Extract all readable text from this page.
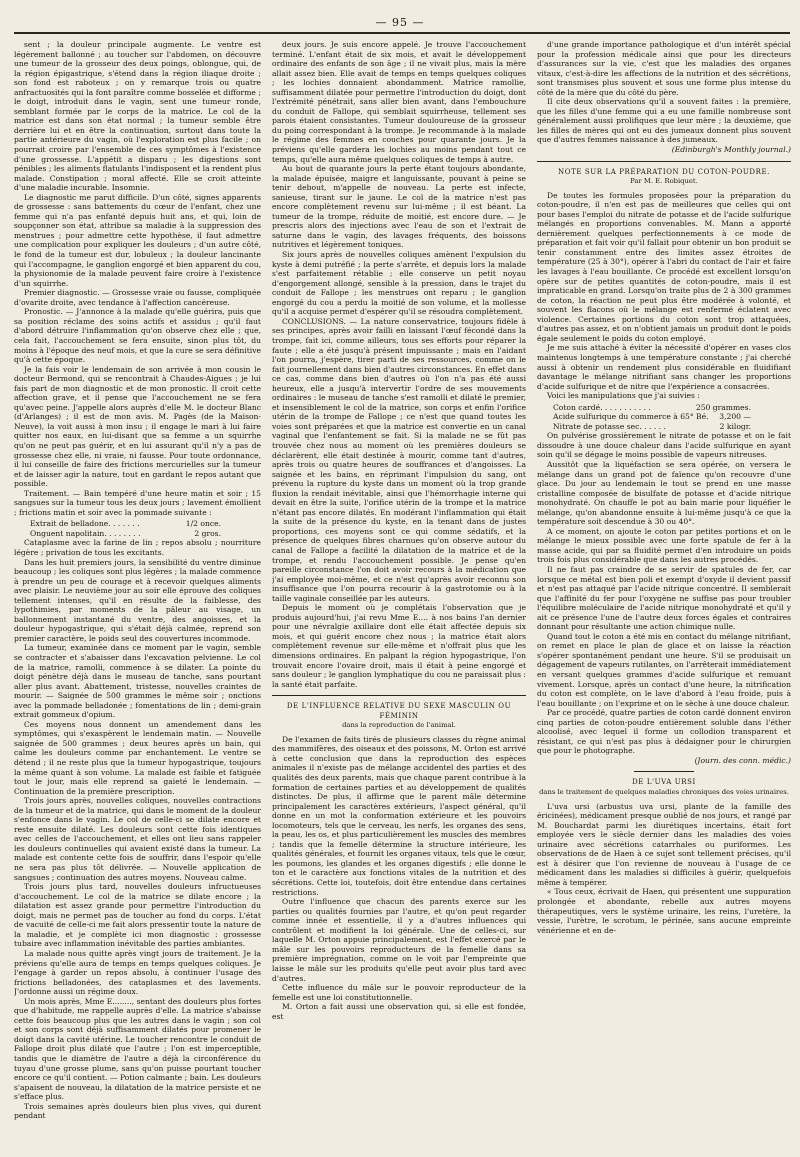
— 95 —

sent ; la douleur principale augmente. Le ventre est légèrement ballonné ; au toucher sur l'abdomen, on découvre une tumeur de la grosseur des deux poings, oblongue, qui, de la région épigastrique, s'étend dans la région iliaque droite ; son fond est raboteux ; on y remarque trois ou quatre anfractuosités qui la font paraître comme bosselée et difforme ; le doigt, introduit dans le vagin, sent une tumeur ronde, semblant formée par le corps de la matrice. Le col de la matrice est dans son état normal ; la tumeur semble être derrière lui et en être la continuation, surtout dans toute la partie antérieure du vagin, où l'exploration est plus facile ; on pourrait croire par l'ensemble de ces symptômes à l'existence d'une grossesse. L'appétit a disparu ; les digestions sont pénibles ; les aliments flatulants l'indisposent et la rendent plus malade. Constipation ; moral affecté. Elle se croit atteinte d'une maladie incurable. Insomnie.

Le diagnostic me parut difficile. D'un côté, signes apparents de grossesse : sans battements du cœur de l'enfant, chez une femme qui n'a pas enfanté depuis huit ans, et qui, loin de soupçonner son état, attribue sa maladie à la suppression des menstrues ; pour admettre cette hypothèse, il faut admettre une complication pour expliquer les douleurs ; d'un autre côté, le fond de la tumeur est dur, lobuleux ; la douleur lancinante qui l'accompagne, le ganglion engorgé et bien apparent du cou, la physionomie de la malade peuvent faire croire à l'existence d'un squirrhe.

Premier diagnostic. — Grossesse vraie ou fausse, compliquée d'ovarite droite, avec tendance à l'affection cancéreuse.

Pronostic. — J'annonce à la malade qu'elle guérira, puis que sa position réclame des soins actifs et assidus ; qu'il faut d'abord détruire l'inflammation qu'on observe chez elle ; que, cela fait, l'accouchement se fera ensuite, sinon plus tôt, du moins à l'époque des neuf mois, et que la cure se sera définitive qu'à cette époque.

Je la fais voir le lendemain de son arrivée à mon cousin le docteur Bermond, qui se rencontrait à Chaudes-Aigues ; je lui fais part de mon diagnostic et de mon pronostic. Il croit cette affection grave, et il pense que l'accouchement ne se fera qu'avec peine. J'appelle alors auprès d'elle M. le docteur Blanc (d'Arlanges) ; il est de mon avis. M. Pagès (de la Maison-Neuve), la voit aussi à mon insu ; il engage le mari à lui faire quitter nos eaux, en lui-disant que sa femme a un squirrhe qu'on ne peut pas guérir, et en lui assurant qu'il n'y a pas de grossesse chez elle, ni vraie, ni fausse. Pour toute ordonnance, il lui conseille de faire des frictions mercurielles sur la tumeur et de laisser agir la nature, tout en gardant le repos autant que possible.

Traitement. — Bain tempéré d'une heure matin et soir ; 15 sangsues sur la tumeur tous les deux jours ; lavement émollient ; frictions matin et soir avec la pommade suivante :

Extrait de belladone. . . . . . .	1/2 once.
Onguent napolitain. . . . . . . .	2 gros.

Cataplasme avec la farine de lin ; repos absolu ; nourriture légère ; privation de tous les excitants.

Dans les huit premiers jours, la sensibilité du ventre diminue beaucoup ; les coliques sont plus légères ; la malade commence à prendre un peu de courage et à recevoir quelques aliments avec plaisir. Le neuvième jour au soir elle éprouve des coliques tellement intenses, qu'il en résulte de la faiblesse, des lypothimies, par moments de la pâleur au visage, un ballonnement instantané du ventre, des angoisses, et la douleur hypogastrique, qui s'était déjà calmée, reprend son premier caractère, le poids seul des couvertures incommode.

La tumeur, examinée dans ce moment par le vagin, semble se contracter et s'abaisser dans l'excavation pelvienne. Le col de la matrice, ramolli, commence à se dilater. La pointe du doigt pénètre déjà dans le museau de tanche, sans pourtant aller plus avant. Abattement, tristesse, nouvelles craintes de mourir. — Saignée de 500 grammes le même soir ; onctions avec la pommade belladonée ; fomentations de lin ; demi-grain extrait gommeux d'opium.

Ces moyens nous donnent un amendement dans les symptômes, qui s'exaspèrent le lendemain matin. — Nouvelle saignée de 500 grammes ; deux heures après un bain, qui calme les douleurs comme par enchantement. Le ventre se détend ; il ne reste plus que la tumeur hypogastrique, toujours la même quant à son volume. La malade est faible et fatiguée tout le jour, mais elle reprend sa gaieté le lendemain. — Continuation de la première prescription.

Trois jours après, nouvelles coliques, nouvelles contractions de la tumeur et de la matrice, qui dans le moment de la douleur s'enfonce dans le vagin. Le col de celle-ci se dilate encore et reste ensuite dilaté. Les douleurs sont cette fois identiques avec celles de l'accouchement, et elles ont lieu sans rappeler les douleurs continuelles qui avaient existé dans la tumeur. La malade est contente cette fois de souffrir, dans l'espoir qu'elle ne sera pas plus tôt délivrée. — Nouvelle application de sangsues ; continuation des autres moyens. Nouveau calme.

Trois jours plus tard, nouvelles douleurs infructueuses d'accouchement. Le col de la matrice se dilate encore ; la dilatation est assez grande pour permettre l'introduction du doigt, mais ne permet pas de toucher au fond du corps. L'état de vacuité de celle-ci me fait alors pressentir toute la nature de la maladie, et je complète ici mon diagnostic : grossesse tubaire avec inflammation inévitable des parties ambiantes.

La malade nous quitte après vingt jours de traitement. Je la préviens qu'elle aura de temps en temps quelques coliques. Je l'engage à garder un repos absolu, à continuer l'usage des frictions belladonées, des cataplasmes et des lavements. J'ordonne aussi un régime doux.

Un mois après, Mme E........, sentant des douleurs plus fortes que d'habitude, me rappelle auprès d'elle. La matrice s'abaisse cette fois beaucoup plus que les autres dans le vagin ; son col et son corps sont déjà suffisamment dilatés pour promener le doigt dans la cavité utérine. Le toucher rencontre le conduit de Fallope droit plus dilaté que l'autre ; l'on est imperceptible, tandis que le diamètre de l'autre a déjà la circonférence du tuyau d'une grosse plume, sans qu'on puisse pourtant toucher encore ce qu'il contient. — Potion calmante ; bain. Les douleurs s'apaisent de nouveau, la dilatation de la matrice persiste et ne s'efface plus.

Trois semaines après douleurs bien plus vives, qui durent pendant

deux jours. Je suis encore appelé. Je trouve l'accouchement terminé. L'enfant était de six mois, et avait le développement ordinaire des enfants de son âge ; il ne vivait plus, mais la mère allait assez bien. Elle avait de temps en temps quelques coliques ; les lochies donnaient abondamment. Matrice ramollie, suffisamment dilatée pour permettre l'introduction du doigt, dont l'extrémité pénétrait, sans aller bien avant, dans l'embouchure du conduit de Fallope, qui semblait squirrheuse, tellement ses parois étaient consistantes. Tumeur douloureuse de la grosseur du poing correspondant à la trompe. Je recommande à la malade le régime des femmes en couches pour quarante jours. Je la préviens qu'elle gardera les lochies au moins pendant tout ce temps, qu'elle aura même quelques coliques de temps à autre.

Au bout de quarante jours la perte étant toujours abondante, la malade épuisée, maigre et languissante, pouvant à peine se tenir debout, m'appelle de nouveau. La perte est infecte, sanieuse, tirant sur le jaune. Le col de la matrice n'est pas encore complètement revenu sur lui-même ; il est béant. La tumeur de la trompe, réduite de moitié, est encore dure. — Je prescris alors des injections avec l'eau de son et l'extrait de saturne dans le vagin, des lavages fréquents, des boissons nutritives et légèrement toniques.

Six jours après de nouvelles coliques amènent l'expulsion du kyste à demi putréfié ; la perte s'arrête, et depuis lors la malade s'est parfaitement rétablie ; elle conserve un petit noyau d'engorgement allongé, sensible à la pression, dans le trajet du conduit de Fallope ; les menstrues ont reparu ; le ganglion engorgé du cou a perdu la moitié de son volume, et la mollesse qu'il a acquise permet d'espérer qu'il se résoudra complètement.

CONCLUSIONS. — La nature conservatrice, toujours fidèle à ses principes, après avoir failli en laissant l'œuf fécondé dans la trompe, fait ici, comme ailleurs, tous ses efforts pour réparer la faute ; elle a été jusqu'à présent impuissante ; mais en l'aidant l'on pourra, j'espère, tirer parti de ses ressources, comme on le fait journellement dans bien d'autres circonstances. En effet dans ce cas, comme dans bien d'autres où l'on n'a pas été aussi heureux, elle a jusqu'à intervertir l'ordre de ses mouvements ordinaires : le museau de tanche s'est ramolli et dilaté le premier, et insensiblement le col de la matrice, son corps et enfin l'orifice utérin de la trompe de Fallope ; ce n'est que quand toutes les voies sont préparées et que la matrice est convertie en un canal vaginal que l'enfantement se fait. Si la malade ne se fût pas trouvée chez nous au moment où les premières douleurs se déclarèrent, elle était destinée à mourir, comme tant d'autres, après trois ou quatre heures de souffrances et d'angoisses. La saignée et les bains, en réprimant l'impulsion du sang, ont prévenu la rupture du kyste dans un moment où la trop grande fluxion la rendait inévitable, ainsi que l'hémorrhagie interne qui devait en être la suite, l'orifice utérin de la trompe et la matrice n'étant pas encore dilatés. En modérant l'inflammation qui était la suite de la présence du kyste, en la tenant dans de justes proportions, ces moyens sont ce qui comme sédatifs, et la présence de quelques fibres charnues qu'on observe autour du canal de Fallope a facilité la dilatation de la matrice et de la trompe, et rendu l'accouchement possible. Je pense qu'en pareille circonstance l'on doit avoir recours à la médication que j'ai employée moi-même, et ce n'est qu'après avoir reconnu son insuffisance que l'on pourra recourir à la gastrotomie ou à la taille vaginale conseillée par les auteurs.

Depuis le moment où je complétais l'observation que je produis aujourd'hui, j'ai revu Mme E.... à nos bains l'an dernier pour une névralgie axillaire dont elle était affectée depuis six mois, et qui guérit encore chez nous ; la matrice était alors complètement revenue sur elle-même et n'offrait plus que les dimensions ordinaires. En palpant la région hypogastrique, l'on trouvait encore l'ovaire droit, mais il était à peine engorgé et sans douleur ; le ganglion lymphatique du cou ne paraissait plus : la santé était parfaite.

DE L'INFLUENCE RELATIVE DU SEXE MASCULIN OU FÉMININ

dans la reproduction de l'animal.

De l'examen de faits tirés de plusieurs classes du règne animal des mammifères, des oiseaux et des poissons, M. Orton est arrivé à cette conclusion que dans la reproduction des espèces animales il n'existe pas de mélange accidentel des parties et des qualités des deux parents, mais que chaque parent contribue à la formation de certaines parties et au développement de qualités distinctes. De plus, il affirme que le parent mâle détermine principalement les caractères extérieurs, l'aspect général, qu'il donne en un mot la conformation extérieure et les pouvoirs locomoteurs, tels que le cerveau, les nerfs, les organes des sens, la peau, les os, et plus particulièrement les muscles des membres ; tandis que la femelle détermine la structure intérieure, les qualités générales, et fournit les organes vitaux, tels que le cœur, les poumons, les glandes et les organes digestifs ; elle donne le ton et le caractère aux fonctions vitales de la nutrition et des sécrétions. Cette loi, toutefois, doit être entendue dans certaines restrictions.

Outre l'influence que chacun des parents exerce sur les parties ou qualités fournies par l'autre, et qu'on peut regarder comme innée et essentielle, il y a d'autres influences qui contrôlent et modifient la loi générale. Une de celles-ci, sur laquelle M. Orton appuie principalement, est l'effet exercé par le mâle sur les pouvoirs reproducteurs de la femelle dans sa première imprégnation, comme on le voit par l'empreinte que laisse le mâle sur les produits qu'elle peut avoir plus tard avec d'autres.

Cette influence du mâle sur le pouvoir reproducteur de la femelle est une loi constitutionnelle.

M. Orton a fait aussi une observation qui, si elle est fondée, est

d'une grande importance pathologique et d'un intérêt spécial pour la profession médicale ainsi que pour les directeurs d'assurances sur la vie, c'est que les maladies des organes vitaux, c'est-à-dire les affections de la nutrition et des sécrétions, sont transmises plus souvent et sous une forme plus intense du côté de la mère que du côté du père.

Il cite deux observations qu'il a souvent faites : la première, que les filles d'une femme qui a eu une famille nombreuse sont généralement aussi prolifiques que leur mère ; la deuxième, que les filles de mères qui ont eu des jumeaux donnent plus souvent que d'autres femmes naissance à des jumeaux.

(Edinburgh's Monthly journal.)

NOTE SUR LA PRÉPARATION DU COTON-POUDRE.

Par M. E. Robiquet.

De toutes les formules proposées pour la préparation du coton-poudre, il n'en est pas de meilleures que celles qui ont pour bases l'emploi du nitrate de potasse et de l'acide sulfurique mélangés en proportions convenables. M. Mann a apporté dernièrement quelques perfectionnements à ce mode de préparation et fait voir qu'il fallait pour obtenir un bon produit se tenir constamment entre des limites assez étroites de température (25 à 30°), opérer à l'abri du contact de l'air et faire les lavages à l'eau bouillante. Ce procédé est excellent lorsqu'on opère sur de petites quantités de coton-poudre, mais il est impraticable en grand. Lorsqu'on traite plus de 2 à 300 grammes de coton, la réaction ne peut plus être modérée à volonté, et souvent les flacons où le mélange est renfermé éclatent avec violence. Certaines portions du coton sont trop attaquées, d'autres pas assez, et on n'obtient jamais un produit dont le poids égale seulement le poids du coton employé.

Je me suis attaché à éviter la nécessité d'opérer en vases clos maintenus longtemps à une température constante ; j'ai cherché aussi à obtenir un rendement plus considérable en fluidifiant davantage le mélange nitrifiant sans changer les proportions d'acide sulfurique et de nitre que l'expérience a consacrées.

Voici les manipulations que j'ai suivies :

Coton cardé. . . . . . . . . . .	250 grammes.
Acide sulfurique du commerce à 65° Bé. 3,200 —
Nitrate de potasse sec. . . . . .	2 kilogr.

On pulvérise grossièrement le nitrate de potasse et on le fait dissoudre à une douce chaleur dans l'acide sulfurique en ayant soin qu'il se dégage le moins possible de vapeurs nitreuses.

Aussitôt que la liquéfaction se sera opérée, on versera le mélange dans un grand pot de faïence qu'on recouvre d'une glace. Du jour au lendemain le tout se prend en une masse cristalline composée de bisulfate de potasse et d'acide nitrique monohydraté. On chauffe le pot au bain marie pour liquéfier le mélange, qu'on abandonne ensuite à lui-même jusqu'à ce que la température soit descendue à 30 ou 40°.

A ce moment, on ajoute le coton par petites portions et on le mélange le mieux possible avec une forte spatule de fer à la masse acide, qui par sa fluidité permet d'en introduire un poids trois fois plus considérable que dans les autres procédés.

Il ne faut pas craindre de se servir de spatules de fer, car lorsque ce métal est bien poli et exempt d'oxyde il devient passif et n'est pas attaqué par l'acide nitrique concentré. Il semblerait que l'affinité du fer pour l'oxygène ne suffise pas pour troubler l'équilibre moléculaire de l'acide nitrique monohydraté et qu'il y ait ce présence l'une de l'autre deux forces égales et contraires donnant pour résultante une action chimique nulle.

Quand tout le coton a été mis en contact du mélange nitrifiant, on remet en place le plan de glace et on laisse la réaction s'opérer spontanément pendant une heure. S'il se produisait un dégagement de vapeurs rutilantes, on l'arrêterait immédiatement en versant quelques grammes d'acide sulfurique et remuant vivement. Lorsque, après un contact d'une heure, la nitrification du coton est complète, on le lave d'abord à l'eau froide, puis à l'eau bouillante ; on l'exprime et on le sèche à une douce chaleur.

Par ce procédé, quatre parties de coton cardé donnent environ cinq parties de coton-poudre entièrement soluble dans l'éther alcoolisé, avec lequel il forme un collodion transparent et résistant, ce qui n'est pas plus à dédaigner pour le chirurgien que pour le photographe.

(Journ. des conn. médic.)

DE L'UVA URSI

dans le traitement de quelques maladies chroniques des voies urinaires.

L'uva ursi (arbustus uva ursi, plante de la famille des éricinées), médicament presque oublié de nos jours, et rangé par M. Bouchardat parmi les diurétiques incertains, était fort employée vers le siècle dernier dans les maladies des voies urinaire avec sécrétions catarrhales ou puriformes. Les observations de de Haen à ce sujet sont tellement précises, qu'il est à désirer que l'on revienne de nouveau à l'usage de ce médicament dans les maladies si difficiles à guérir, quelquefois même à tempérer.

« Tous ceux, écrivait de Haen, qui présentent une suppuration prolongée et abondante, rebelle aux autres moyens thérapeutiques, vers le système urinaire, les reins, l'uretère, la vessie, l'urètre, le scrotum, le périnée, sans aucune empreinte vénérienne et en de-
